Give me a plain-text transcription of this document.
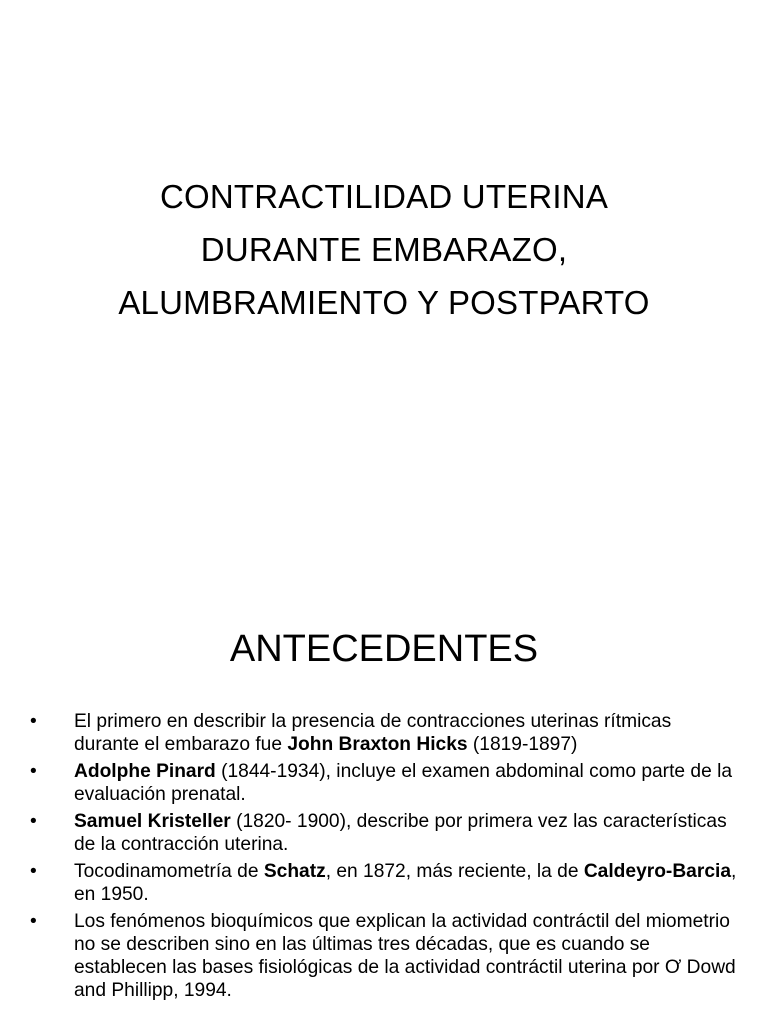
CONTRACTILIDAD UTERINA
DURANTE EMBARAZO,
ALUMBRAMIENTO Y POSTPARTO
ANTECEDENTES
• El primero en describir la presencia de contracciones uterinas rítmicas durante el embarazo fue John Braxton Hicks (1819-1897)
• Adolphe Pinard (1844-1934), incluye el examen abdominal como parte de la evaluación prenatal.
• Samuel Kristeller (1820- 1900), describe por primera vez las características de la contracción uterina.
• Tocodinamometría de Schatz, en 1872, más reciente, la de Caldeyro-Barcia, en 1950.
• Los fenómenos bioquímicos que explican la actividad contráctil del miometrio no se describen sino en las últimas tres décadas, que es cuando se establecen las bases fisiológicas de la actividad contráctil uterina por Ơ Dowd and Phillipp, 1994.
